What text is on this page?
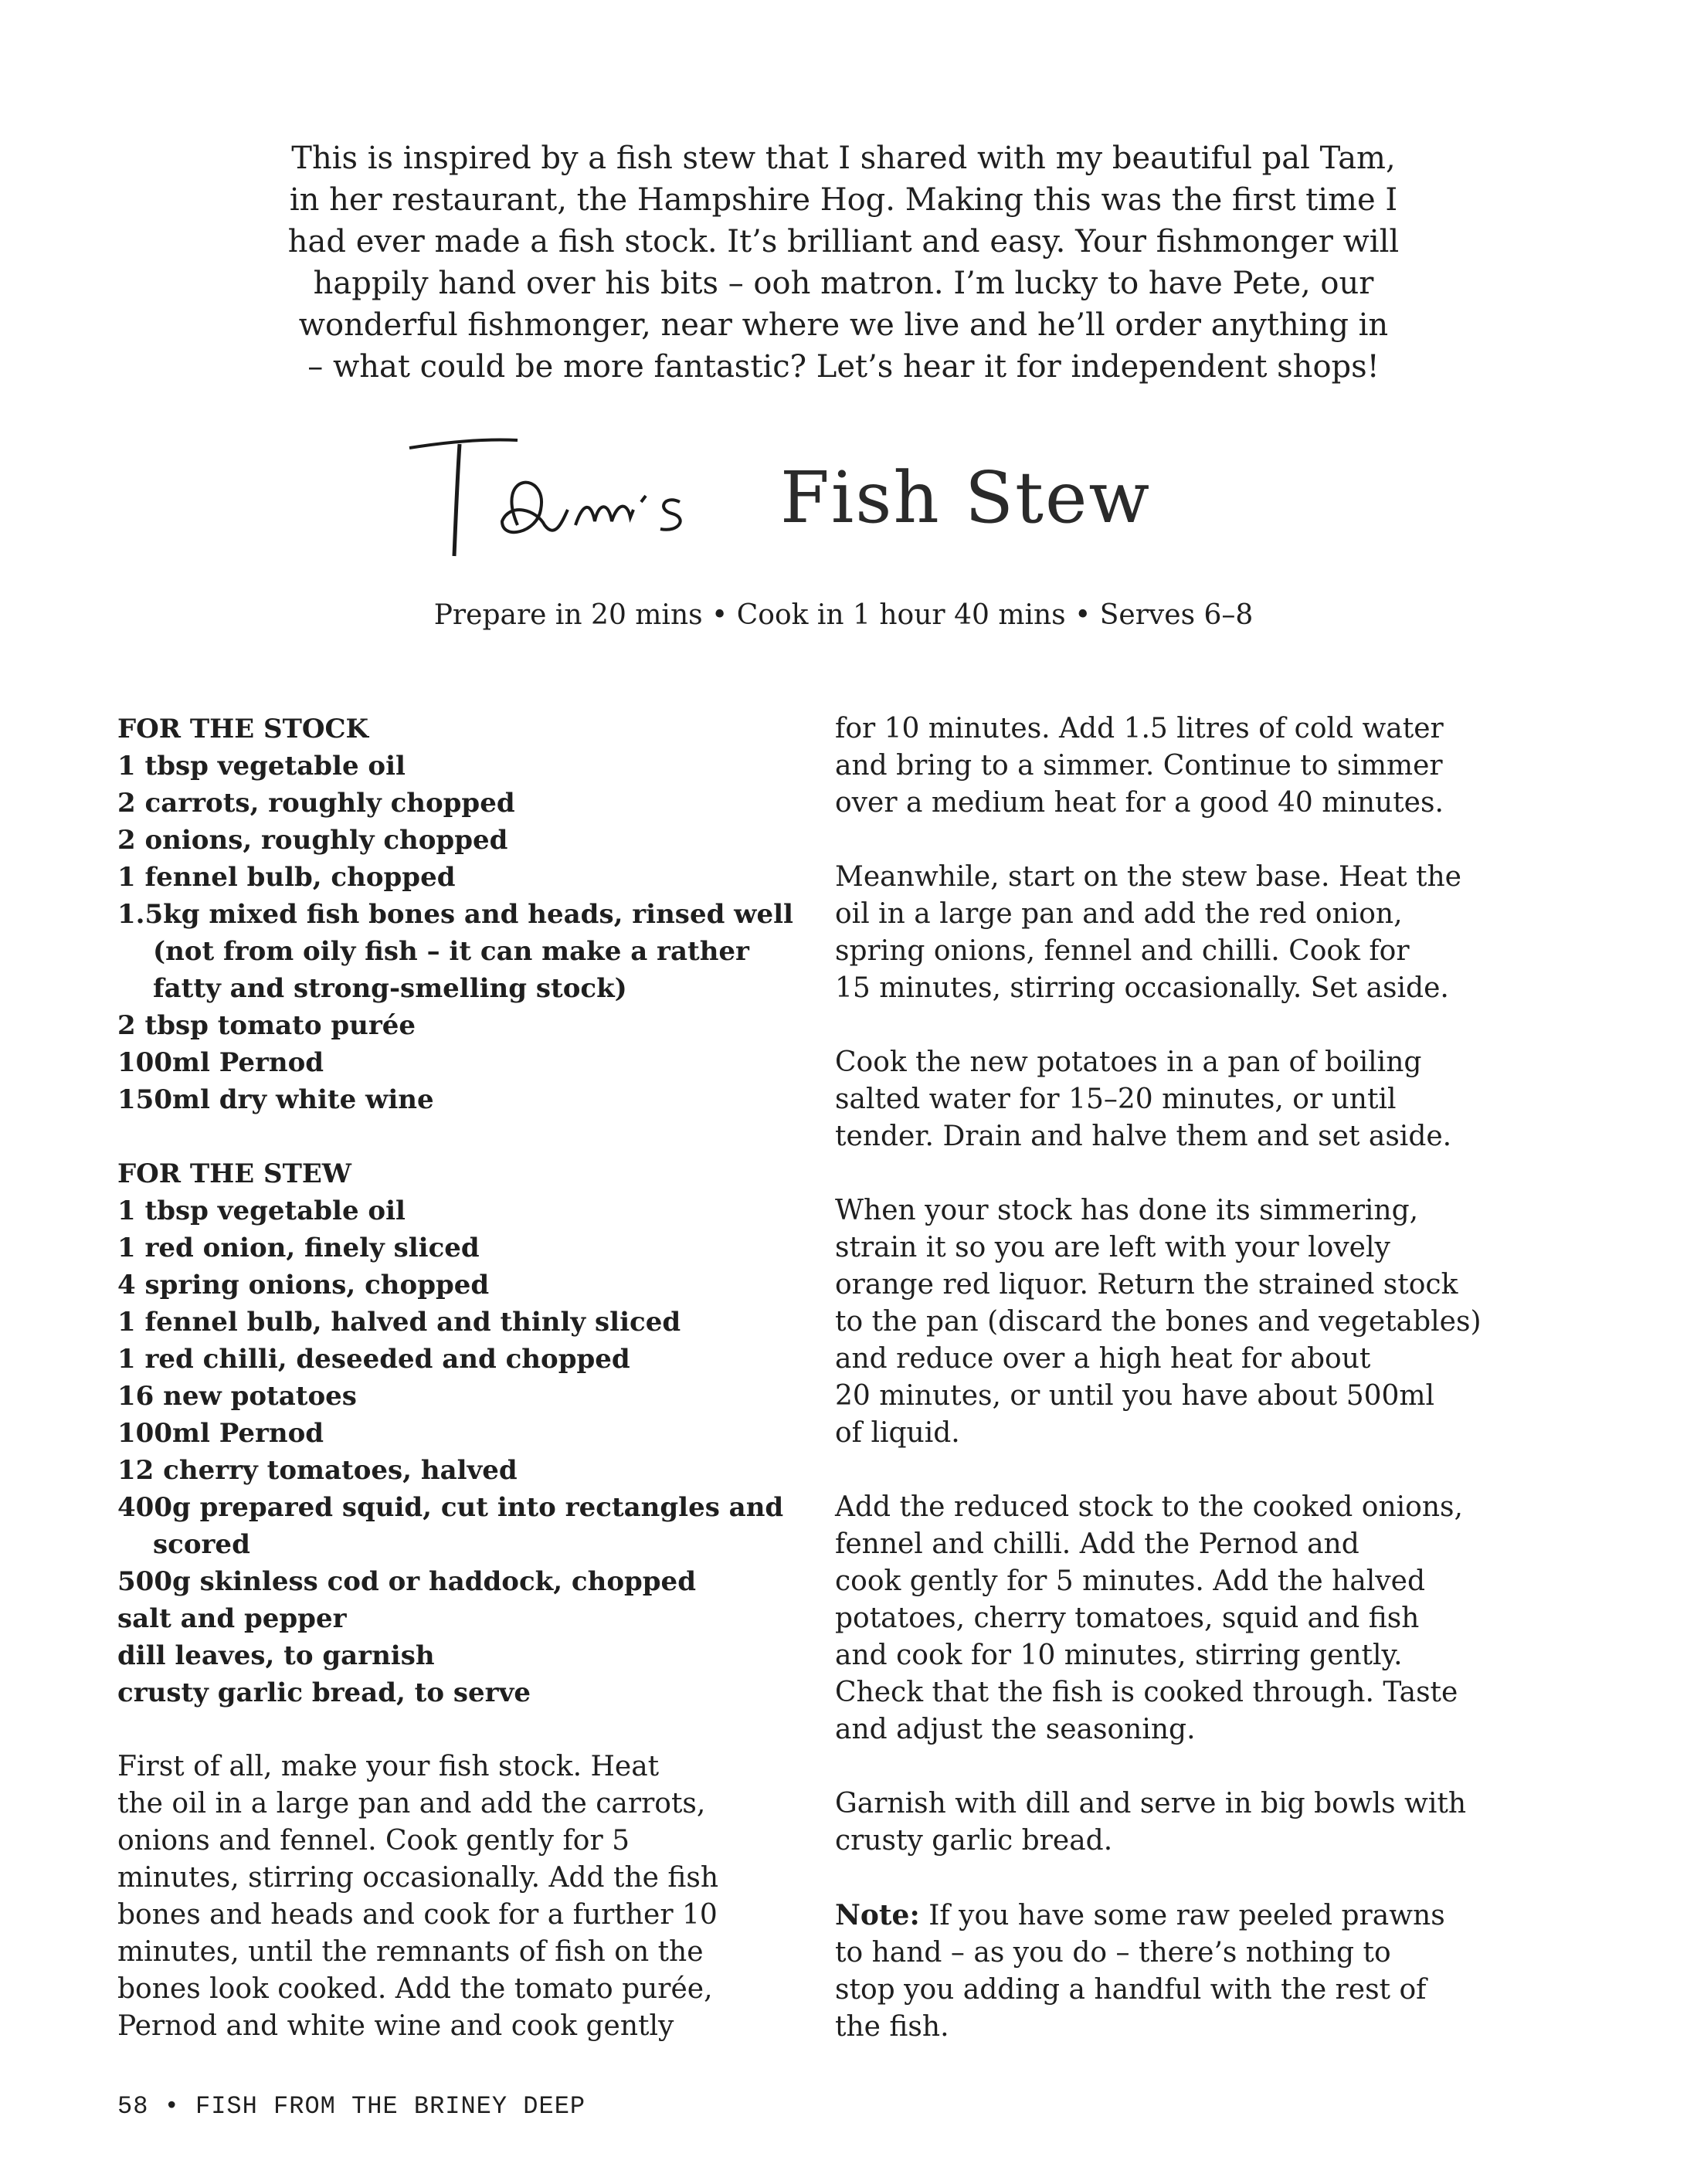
This is inspired by a fish stew that I shared with my beautiful pal Tam,
in her restaurant, the Hampshire Hog. Making this was the first time I
had ever made a fish stock. It’s brilliant and easy. Your fishmonger will
happily hand over his bits – ooh matron. I’m lucky to have Pete, our
wonderful fishmonger, near where we live and he’ll order anything in
– what could be more fantastic? Let’s hear it for independent shops!
Fish Stew
Prepare in 20 mins • Cook in 1 hour 40 mins • Serves 6–8
FOR THE STOCK
1 tbsp vegetable oil
2 carrots, roughly chopped
2 onions, roughly chopped
1 fennel bulb, chopped
1.5kg mixed fish bones and heads, rinsed well (not from oily fish – it can make a rather fatty and strong-smelling stock)
2 tbsp tomato purée
100ml Pernod
150ml dry white wine
FOR THE STEW
1 tbsp vegetable oil
1 red onion, finely sliced
4 spring onions, chopped
1 fennel bulb, halved and thinly sliced
1 red chilli, deseeded and chopped
16 new potatoes
100ml Pernod
12 cherry tomatoes, halved
400g prepared squid, cut into rectangles and scored
500g skinless cod or haddock, chopped
salt and pepper
dill leaves, to garnish
crusty garlic bread, to serve
First of all, make your fish stock. Heat
the oil in a large pan and add the carrots,
onions and fennel. Cook gently for 5
minutes, stirring occasionally. Add the fish
bones and heads and cook for a further 10
minutes, until the remnants of fish on the
bones look cooked. Add the tomato purée,
Pernod and white wine and cook gently
for 10 minutes. Add 1.5 litres of cold water
and bring to a simmer. Continue to simmer
over a medium heat for a good 40 minutes.
Meanwhile, start on the stew base. Heat the
oil in a large pan and add the red onion,
spring onions, fennel and chilli. Cook for
15 minutes, stirring occasionally. Set aside.
Cook the new potatoes in a pan of boiling
salted water for 15–20 minutes, or until
tender. Drain and halve them and set aside.
When your stock has done its simmering,
strain it so you are left with your lovely
orange red liquor. Return the strained stock
to the pan (discard the bones and vegetables)
and reduce over a high heat for about
20 minutes, or until you have about 500ml
of liquid.
Add the reduced stock to the cooked onions,
fennel and chilli. Add the Pernod and
cook gently for 5 minutes. Add the halved
potatoes, cherry tomatoes, squid and fish
and cook for 10 minutes, stirring gently.
Check that the fish is cooked through. Taste
and adjust the seasoning.
Garnish with dill and serve in big bowls with
crusty garlic bread.
Note: If you have some raw peeled prawns
to hand – as you do – there’s nothing to
stop you adding a handful with the rest of
the fish.
58 • FISH FROM THE BRINEY DEEP
